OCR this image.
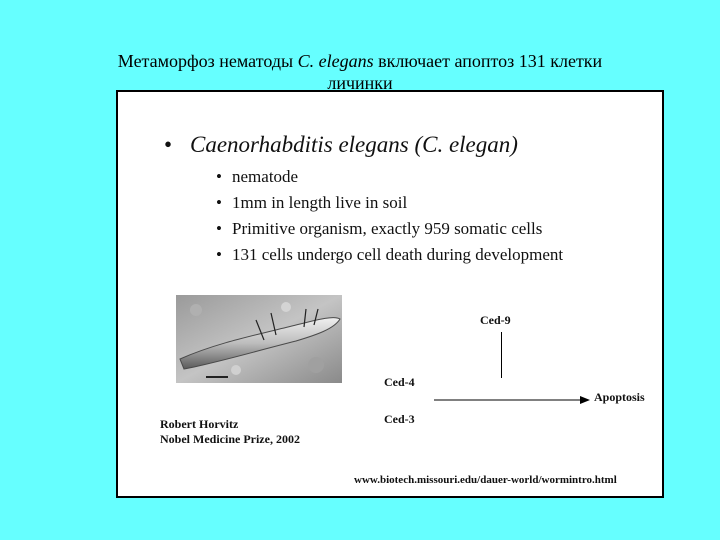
Метаморфоз нематоды C. elegans включает апоптоз 131 клетки
личинки
• Caenorhabditis elegans (C. elegan)
• nematode
• 1mm in length live in soil
• Primitive organism, exactly 959 somatic cells
• 131 cells undergo cell death during development
Robert Horvitz
Nobel Medicine Prize, 2002
Ced-9
Ced-4
Ced-3
Apoptosis
www.biotech.missouri.edu/dauer-world/wormintro.html
